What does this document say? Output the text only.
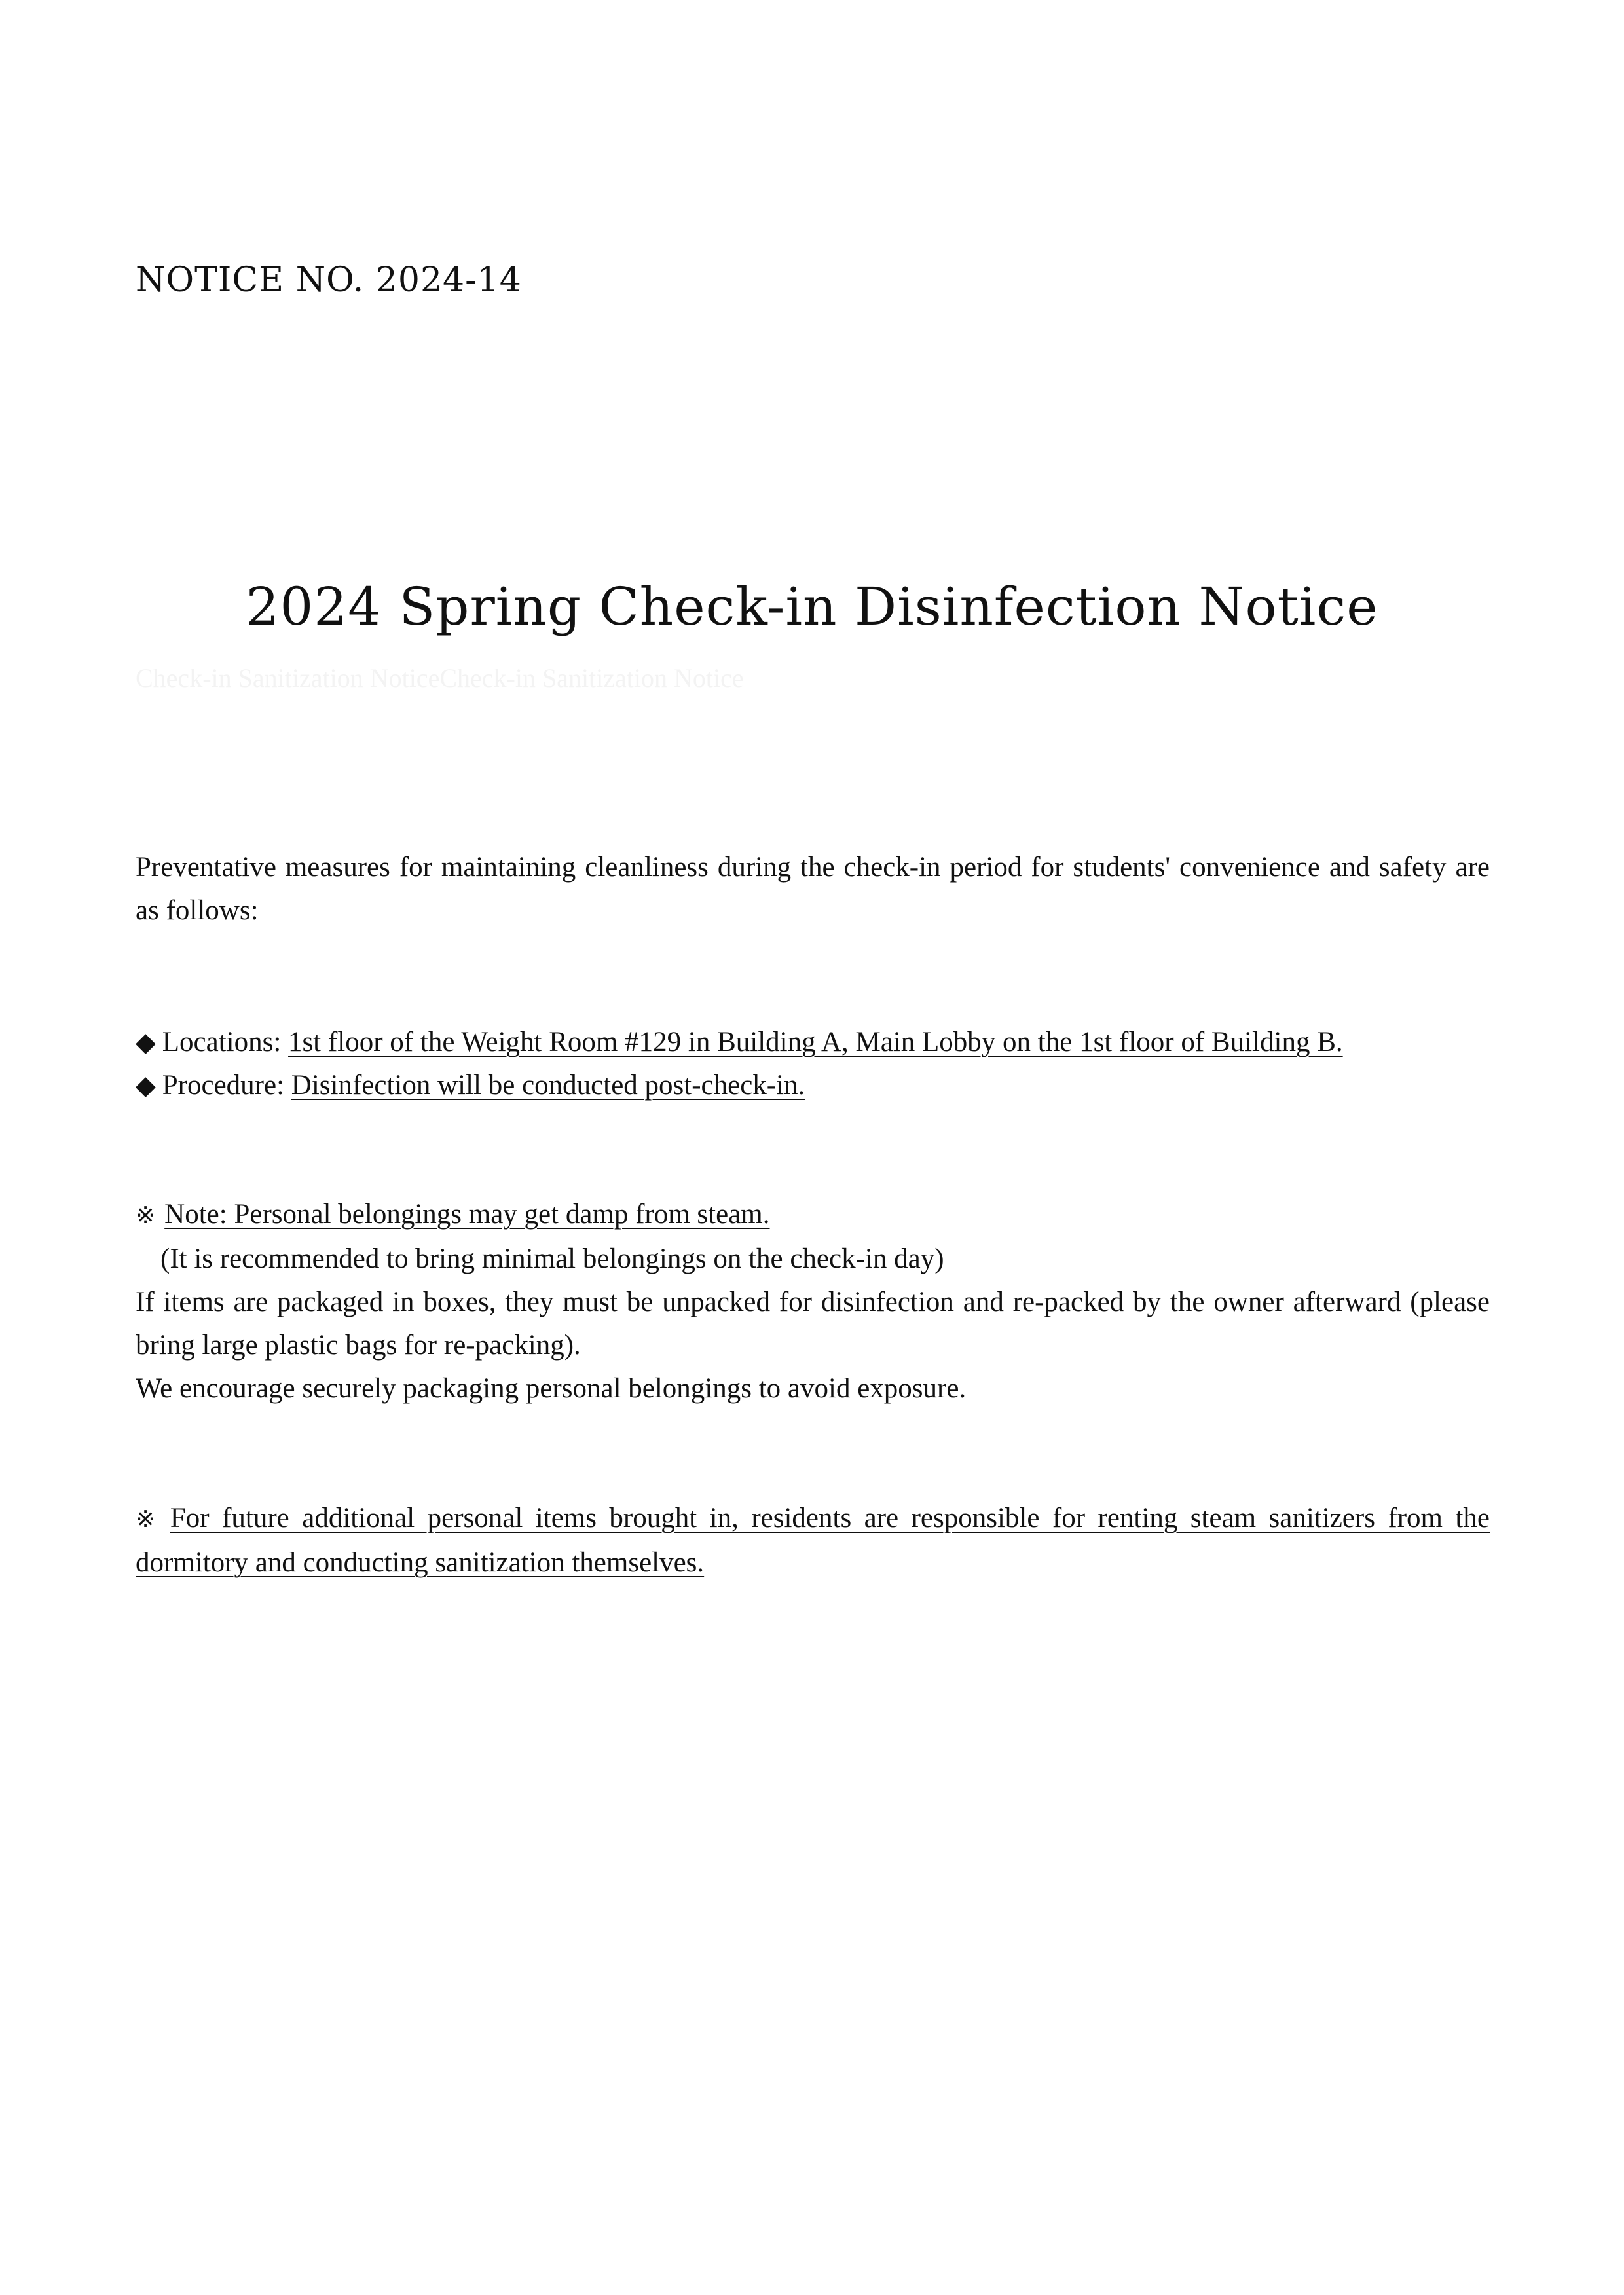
NOTICE NO. 2024-14
2024 Spring Check-in Disinfection Notice
Check-in Sanitization NoticeCheck-in Sanitization Notice
Preventative measures for maintaining cleanliness during the check-in period for students' convenience and safety are as follows:
◆ Locations: 1st floor of the Weight Room #129 in Building A, Main Lobby on the 1st floor of Building B.
◆ Procedure: Disinfection will be conducted post-check-in.
※ Note: Personal belongings may get damp from steam.
(It is recommended to bring minimal belongings on the check-in day)
If items are packaged in boxes, they must be unpacked for disinfection and re-packed by the owner afterward (please bring large plastic bags for re-packing).
We encourage securely packaging personal belongings to avoid exposure.
※ For future additional personal items brought in, residents are responsible for renting steam sanitizers from the dormitory and conducting sanitization themselves.
